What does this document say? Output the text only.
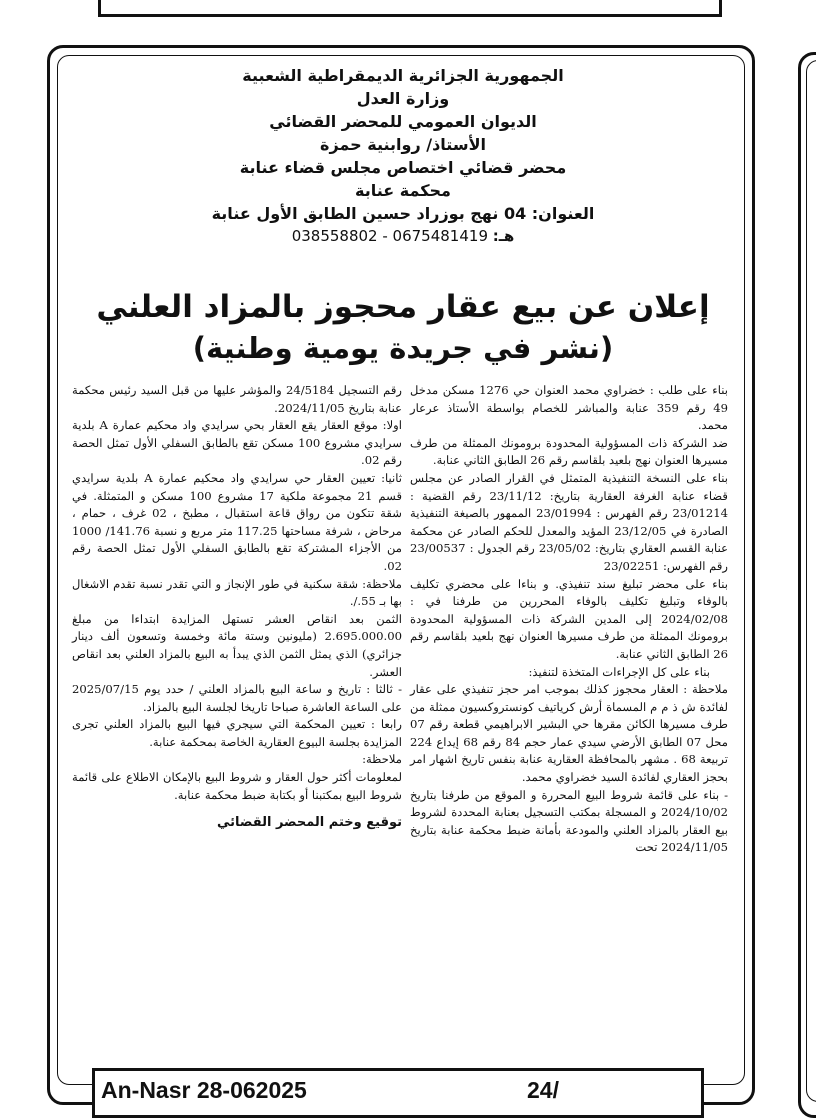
الجمهورية الجزائرية الديمقراطية الشعبية
وزارة العدل
الديوان العمومي للمحضر القضائي
الأستاذ/ روابنية حمزة
محضر قضائي اختصاص مجلس قضاء عنابة
محكمة عنابة
العنوان: 04 نهج بوزراد حسين الطابق الأول عنابة
هـ: 0675481419 - 038558802
إعلان عن بيع عقار محجوز بالمزاد العلني
(نشر في جريدة يومية وطنية)

بناء على طلب : خضراوي محمد العنوان حي 1276 مسكن مدخل 49 رقم 359 عنابة والمباشر للخصام بواسطة الأستاذ عرعار محمد.

ضد الشركة ذات المسؤولية المحدودة برومونك الممثلة من طرف مسيرها العنوان نهج بلعيد بلقاسم رقم 26 الطابق الثاني عنابة.

بناء على النسخة التنفيذية المتمثل في القرار الصادر عن مجلس قضاء عنابة الغرفة العقارية بتاريخ: 23/11/12 رقم القضية : 23/01214 رقم الفهرس : 23/01994 الممهور بالصيغة التنفيذية الصادرة في 23/12/05 المؤيد والمعدل للحكم الصادر عن محكمة عنابة القسم العقاري بتاريخ: 23/05/02 رقم الجدول : 23/00537 رقم الفهرس: 23/02251

بناء على محضر تبليغ سند تنفيذي. و بناءا على محضري تكليف بالوفاء وتبليغ تكليف بالوفاء المحررين من طرفنا في : 2024/02/08 إلى المدين الشركة ذات المسؤولية المحدودة برومونك الممثلة من طرف مسيرها العنوان نهج بلعيد بلقاسم رقم 26 الطابق الثاني عنابة.

بناء على كل الإجراءات المتخذة لتنفيذ:

ملاحظة : العقار محجوز كذلك بموجب امر حجز تنفيذي على عقار لفائدة ش ذ م م المسماة أرش كرياتيف كونستروكسيون ممثلة من طرف مسيرها الكائن مقرها حي البشير الابراهيمي قطعة رقم 07 محل 07 الطابق الأرضي سيدي عمار حجم 84 رقم 68 إيداع 224 تربيعة 68 . مشهر بالمحافظة العقارية عنابة بنفس تاريخ اشهار امر بحجز العقاري لفائدة السيد خضراوي محمد.

- بناء على قائمة شروط البيع المحررة و الموقع من طرفنا بتاريخ 2024/10/02 و المسجلة بمكتب التسجيل بعنابة المحددة لشروط بيع العقار بالمزاد العلني والمودعة بأمانة ضبط محكمة عنابة بتاريخ 2024/11/05 تحت

رقم التسجيل 24/5184 والمؤشر عليها من قبل السيد رئيس محكمة عنابة بتاريخ 2024/11/05.

اولا: موقع العقار يقع العقار بحي سرايدي واد محكيم عمارة A بلدية سرايدي مشروع 100 مسكن تقع بالطابق السفلي الأول تمثل الحصة رقم 02.

ثانيا: تعيين العقار حي سرايدي واد محكيم عمارة A بلدية سرايدي قسم 21 مجموعة ملكية 17 مشروع 100 مسكن و المتمثلة. في شقة تتكون من رواق قاعة استقبال ، مطبخ ، 02 غرف ، حمام ، مرحاض ، شرفة مساحتها 117.25 متر مربع و نسبة 141.76/ 1000 من الأجزاء المشتركة تقع بالطابق السفلي الأول تمثل الحصة رقم 02.

ملاحظة: شقة سكنية في طور الإنجاز و التي تقدر نسبة تقدم الاشغال بها بـ 55./.

الثمن بعد انقاص العشر تستهل المزايدة ابتداءا من مبلغ 2.695.000.00 (مليونين وستة مائة وخمسة وتسعون ألف دينار جزائري) الذي يمثل الثمن الذي يبدأ به البيع بالمزاد العلني بعد انقاص العشر.

- ثالثا : تاريخ و ساعة البيع بالمزاد العلني / حدد يوم 2025/07/15 على الساعة العاشرة صباحا تاريخا لجلسة البيع بالمزاد.

رابعا : تعيين المحكمة التي سيجري فيها البيع بالمزاد العلني تجرى المزايدة بجلسة البيوع العقارية الخاصة بمحكمة عنابة.

ملاحظة:

لمعلومات أكثر حول العقار و شروط البيع بالإمكان الاطلاع على قائمة شروط البيع بمكتبنا أو بكتابة ضبط محكمة عنابة.

توقيع وختم المحضر القضائي

An-Nasr 28-062025	24/
